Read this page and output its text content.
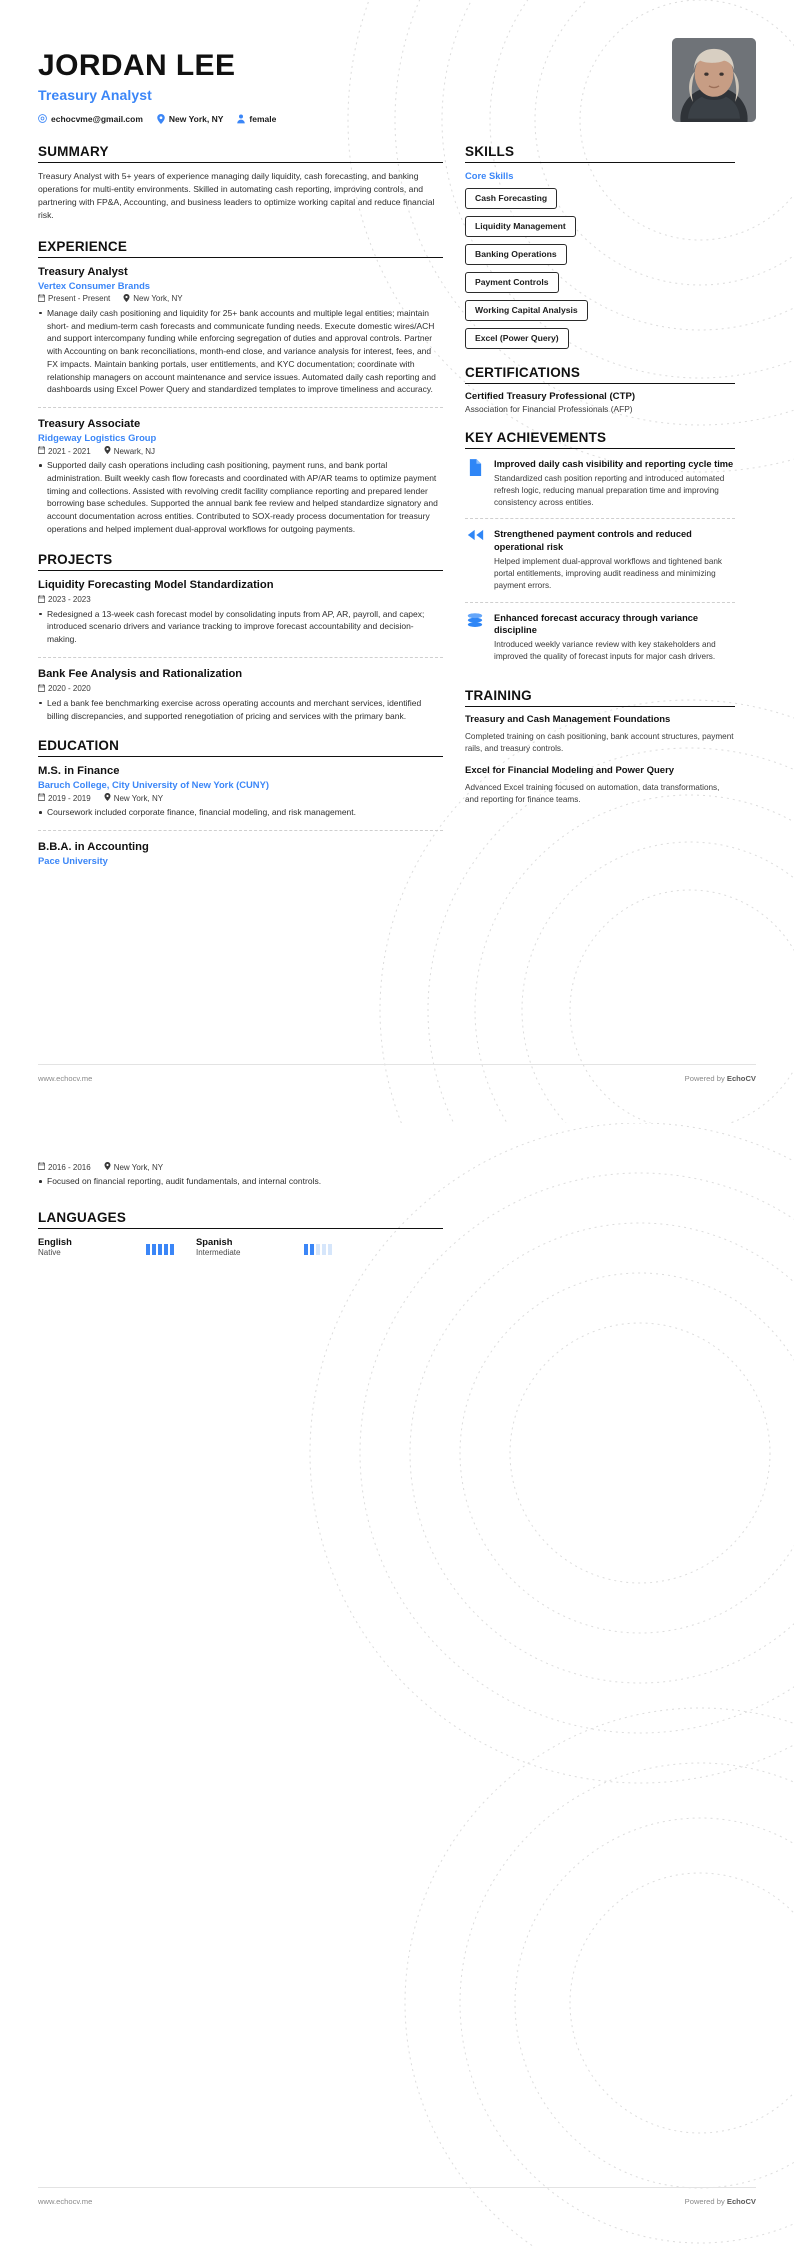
JORDAN LEE
Treasury Analyst
echocvme@gmail.com	New York, NY	female
SUMMARY
Treasury Analyst with 5+ years of experience managing daily liquidity, cash forecasting, and banking operations for multi-entity environments. Skilled in automating cash reporting, improving controls, and partnering with FP&A, Accounting, and business leaders to optimize working capital and reduce financial risk.
EXPERIENCE
Treasury Analyst
Vertex Consumer Brands
Present - Present	New York, NY
Manage daily cash positioning and liquidity for 25+ bank accounts and multiple legal entities; maintain short- and medium-term cash forecasts and communicate funding needs. Execute domestic wires/ACH and support intercompany funding while enforcing segregation of duties and approval controls. Partner with Accounting on bank reconciliations, month-end close, and variance analysis for interest, fees, and FX impacts. Maintain banking portals, user entitlements, and KYC documentation; coordinate with relationship managers on account maintenance and service issues. Automated daily cash reporting and dashboards using Excel Power Query and standardized templates to improve timeliness and accuracy.
Treasury Associate
Ridgeway Logistics Group
2021 - 2021	Newark, NJ
Supported daily cash operations including cash positioning, payment runs, and bank portal administration. Built weekly cash flow forecasts and coordinated with AP/AR teams to optimize payment timing and collections. Assisted with revolving credit facility compliance reporting and prepared lender borrowing base schedules. Supported the annual bank fee review and helped standardize signatory and account documentation across entities. Contributed to SOX-ready process documentation for treasury operations and helped implement dual-approval workflows for outgoing payments.
PROJECTS
Liquidity Forecasting Model Standardization
2023 - 2023
Redesigned a 13-week cash forecast model by consolidating inputs from AP, AR, payroll, and capex; introduced scenario drivers and variance tracking to improve forecast accountability and decision-making.
Bank Fee Analysis and Rationalization
2020 - 2020
Led a bank fee benchmarking exercise across operating accounts and merchant services, identified billing discrepancies, and supported renegotiation of pricing and services with the primary bank.
EDUCATION
M.S. in Finance
Baruch College, City University of New York (CUNY)
2019 - 2019	New York, NY
Coursework included corporate finance, financial modeling, and risk management.
B.B.A. in Accounting
Pace University
SKILLS
Core Skills
Cash Forecasting
Liquidity Management
Banking Operations
Payment Controls
Working Capital Analysis
Excel (Power Query)
CERTIFICATIONS
Certified Treasury Professional (CTP)
Association for Financial Professionals (AFP)
KEY ACHIEVEMENTS
Improved daily cash visibility and reporting cycle time
Standardized cash position reporting and introduced automated refresh logic, reducing manual preparation time and improving consistency across entities.
Strengthened payment controls and reduced operational risk
Helped implement dual-approval workflows and tightened bank portal entitlements, improving audit readiness and minimizing payment errors.
Enhanced forecast accuracy through variance discipline
Introduced weekly variance review with key stakeholders and improved the quality of forecast inputs for major cash drivers.
TRAINING
Treasury and Cash Management Foundations
Completed training on cash positioning, bank account structures, payment rails, and treasury controls.
Excel for Financial Modeling and Power Query
Advanced Excel training focused on automation, data transformations, and reporting for finance teams.
www.echocv.me	Powered by EchoCV
2016 - 2016	New York, NY
Focused on financial reporting, audit fundamentals, and internal controls.
LANGUAGES
English
Native
Spanish
Intermediate
www.echocv.me	Powered by EchoCV
